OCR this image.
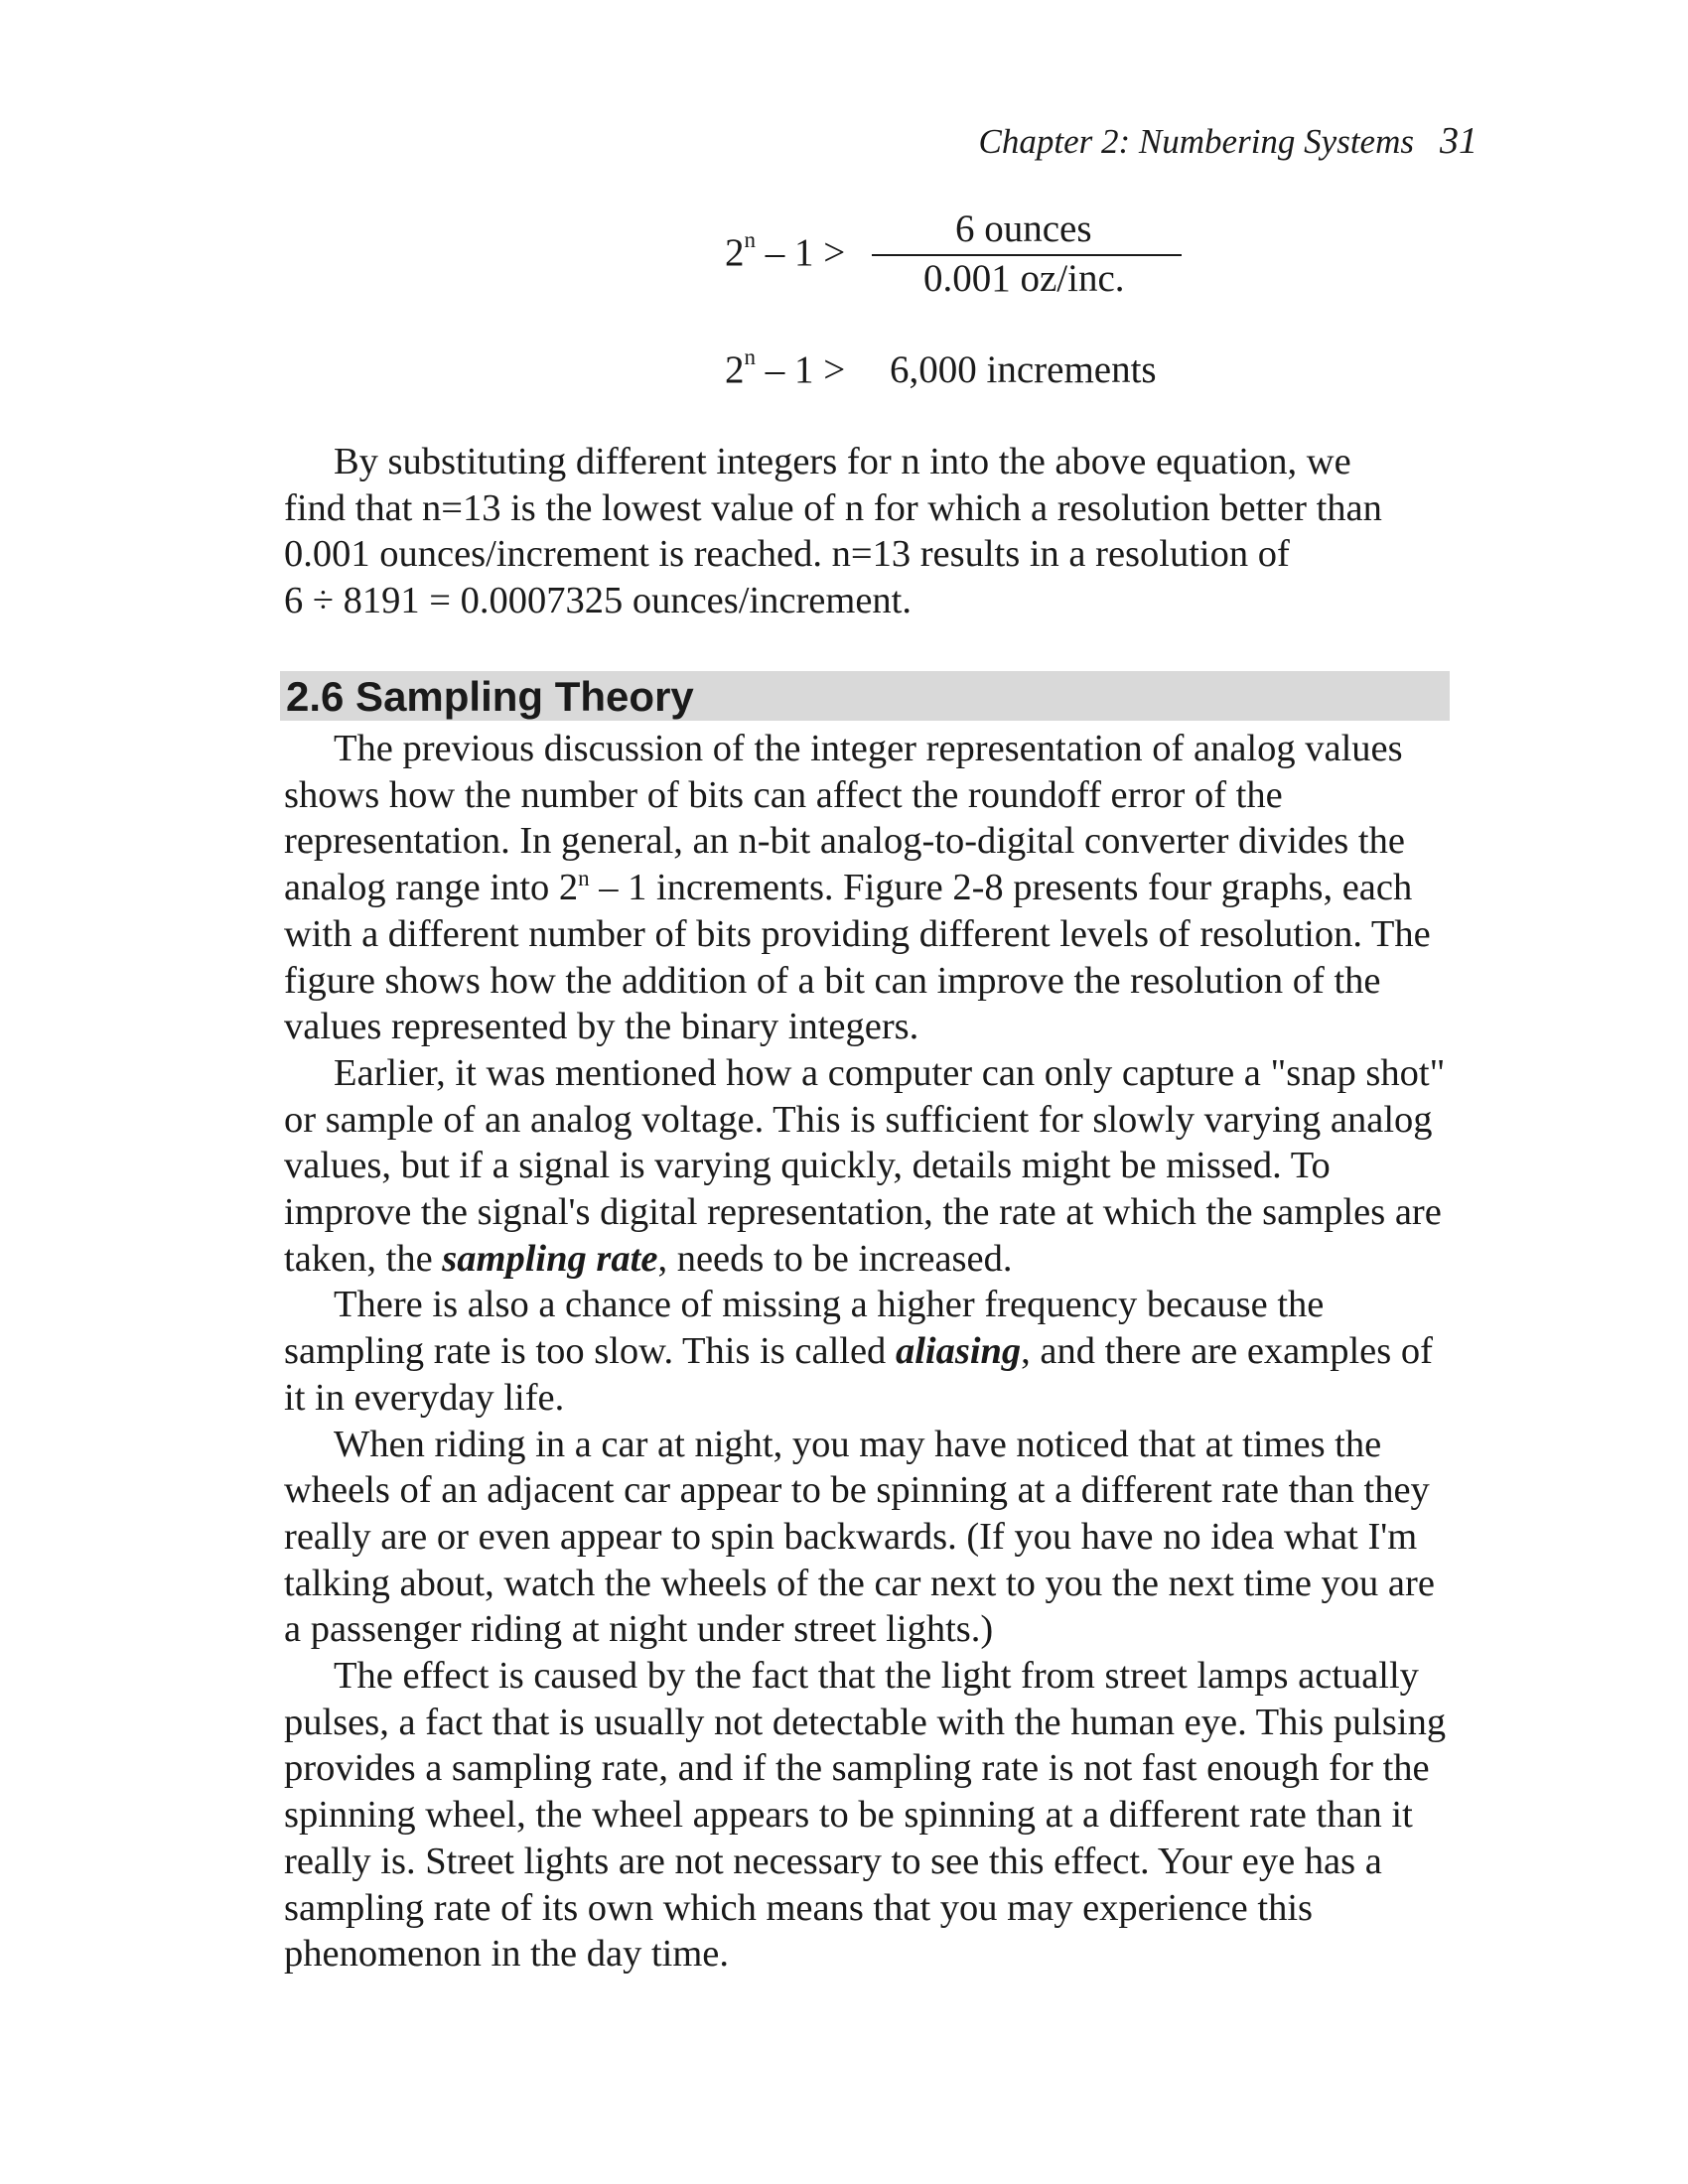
Chapter 2: Numbering Systems 31
2$^n$ – 1 >
6 ounces
0.001 oz/inc.
2$^n$ – 1 > 6,000 increments
By substituting different integers for n into the above equation, we
find that n=13 is the lowest value of n for which a resolution better than
0.001 ounces/increment is reached. n=13 results in a resolution of
6 ÷ 8191 = 0.0007325 ounces/increment.
2.6 Sampling Theory

The previous discussion of the integer representation of analog values shows how the number of bits can affect the roundoff error of the representation. In general, an n-bit analog-to-digital converter divides the analog range into 2$^n$ – 1 increments. Figure 2-8 presents four graphs, each with a different number of bits providing different levels of resolution. The figure shows how the addition of a bit can improve the resolution of the values represented by the binary integers.

Earlier, it was mentioned how a computer can only capture a "snap shot" or sample of an analog voltage. This is sufficient for slowly varying analog values, but if a signal is varying quickly, details might be missed. To improve the signal's digital representation, the rate at which the samples are taken, the sampling rate, needs to be increased.

There is also a chance of missing a higher frequency because the sampling rate is too slow. This is called aliasing, and there are examples of it in everyday life.

When riding in a car at night, you may have noticed that at times the wheels of an adjacent car appear to be spinning at a different rate than they really are or even appear to spin backwards. (If you have no idea what I'm talking about, watch the wheels of the car next to you the next time you are a passenger riding at night under street lights.)

The effect is caused by the fact that the light from street lamps actually pulses, a fact that is usually not detectable with the human eye. This pulsing provides a sampling rate, and if the sampling rate is not fast enough for the spinning wheel, the wheel appears to be spinning at a different rate than it really is. Street lights are not necessary to see this effect. Your eye has a sampling rate of its own which means that you may experience this phenomenon in the day time.
